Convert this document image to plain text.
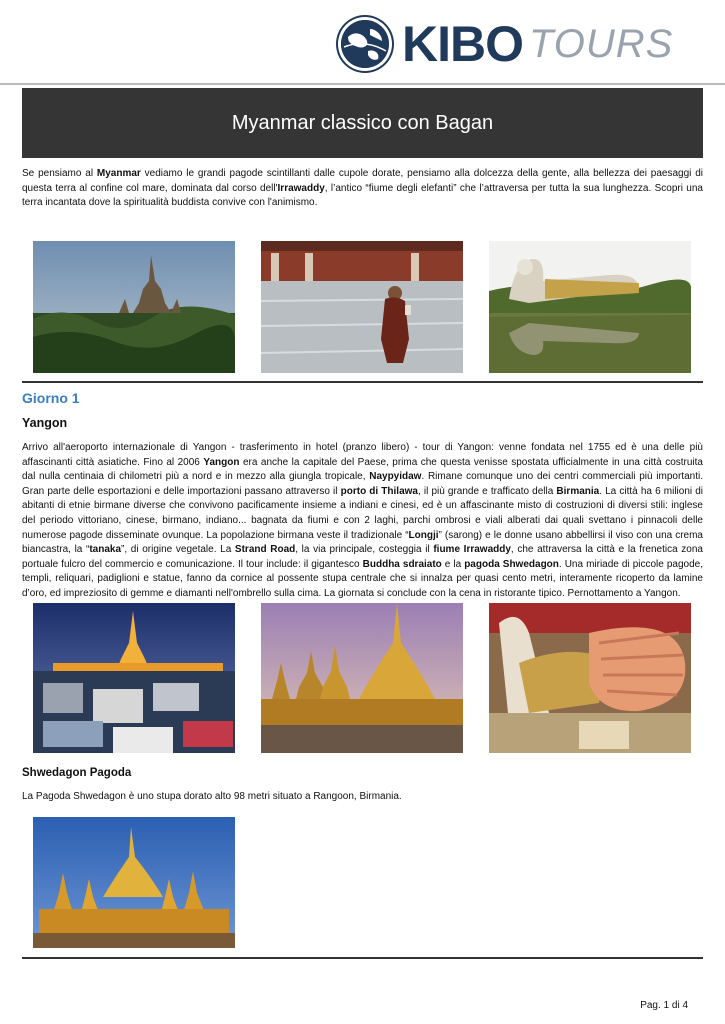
KIBO TOURS
Myanmar classico con Bagan

Se pensiamo al Myanmar vediamo le grandi pagode scintillanti dalle cupole dorate, pensiamo alla dolcezza della gente, alla bellezza dei paesaggi di questa terra al confine col mare, dominata dal corso dell'Irrawaddy, l’antico “fiume degli elefanti” che l’attraversa per tutta la sua lunghezza. Scopri una terra incantata dove la spiritualità buddista convive con l'animismo.

Giorno 1
Yangon

Arrivo all'aeroporto internazionale di Yangon - trasferimento in hotel (pranzo libero) - tour di Yangon: venne fondata nel 1755 ed è una delle più affascinanti città asiatiche. Fino al 2006 Yangon era anche la capitale del Paese, prima che questa venisse spostata ufficialmente in una città costruita dal nulla centinaia di chilometri più a nord e in mezzo alla giungla tropicale, Naypyidaw. Rimane comunque uno dei centri commerciali più importanti. Gran parte delle esportazioni e delle importazioni passano attraverso il porto di Thilawa, il più grande e trafficato della Birmania. La città ha 6 milioni di abitanti di etnie birmane diverse che convivono pacificamente insieme a indiani e cinesi, ed è un affascinante misto di costruzioni di diversi stili: inglese del periodo vittoriano, cinese, birmano, indiano... bagnata da fiumi e con 2 laghi, parchi ombrosi e viali alberati dai quali svettano i pinnacoli delle numerose pagode disseminate ovunque. La popolazione birmana veste il tradizionale “Longji” (sarong) e le donne usano abbellirsi il viso con una crema biancastra, la “tanaka”, di origine vegetale. La Strand Road, la via principale, costeggia il fiume Irrawaddy, che attraversa la città e la frenetica zona portuale fulcro del commercio e comunicazione. Il tour include: il gigantesco Buddha sdraiato e la pagoda Shwedagon. Una miriade di piccole pagode, templi, reliquari, padiglioni e statue, fanno da cornice al possente stupa centrale che si innalza per quasi cento metri, interamente ricoperto da lamine d’oro, ed impreziosito di gemme e diamanti nell'ombrello sulla cima. La giornata si conclude con la cena in ristorante tipico. Pernottamento a Yangon.

Shwedagon Pagoda

La Pagoda Shwedagon è uno stupa dorato alto 98 metri situato a Rangoon, Birmania.

Pag. 1 di 4
